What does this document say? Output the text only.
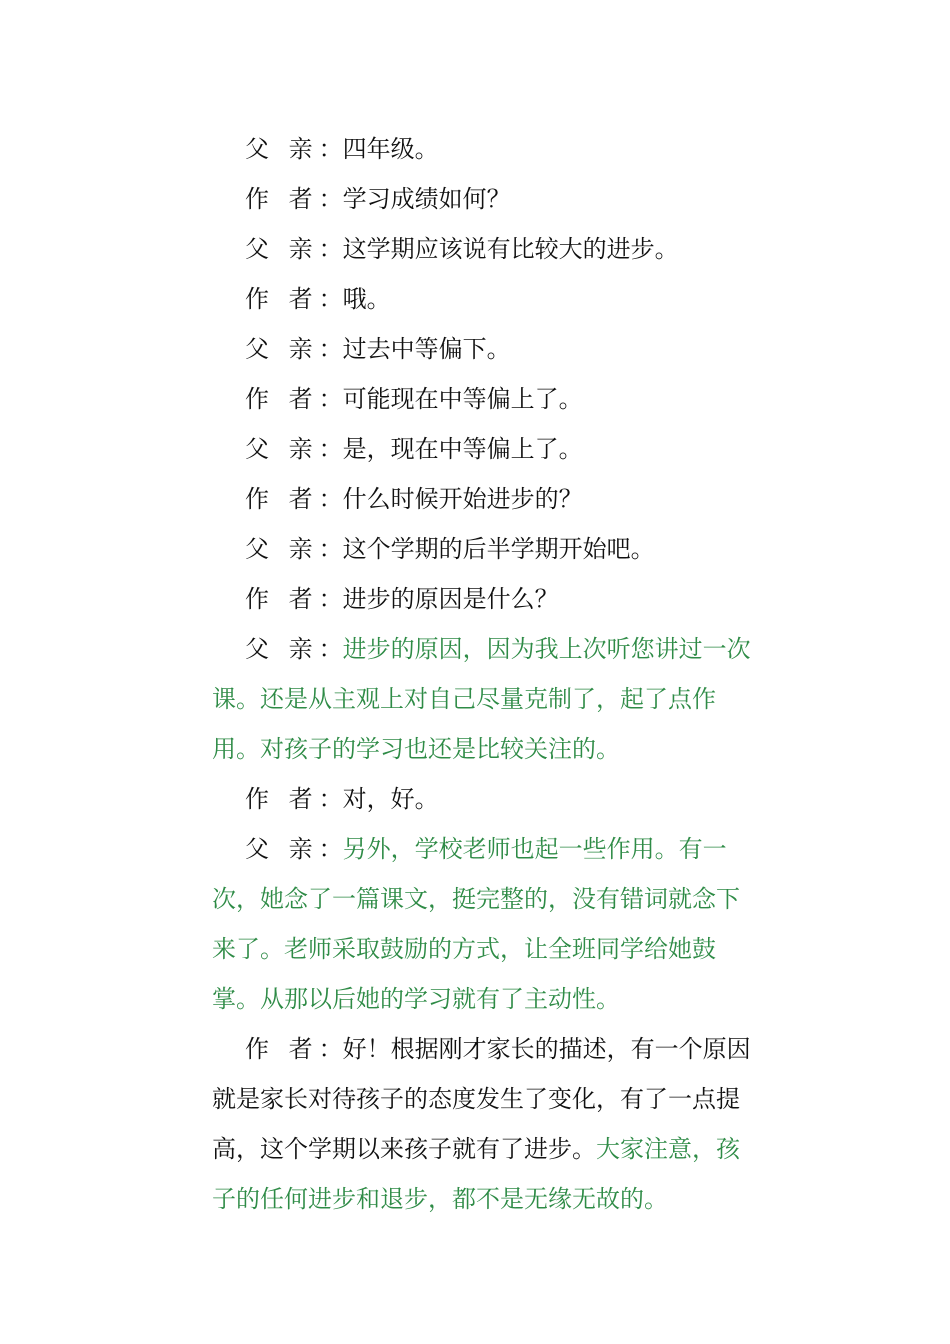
父 亲：四年级。

作 者：学习成绩如何？

父 亲：这学期应该说有比较大的进步。

作 者：哦。

父 亲：过去中等偏下。

作 者：可能现在中等偏上了。

父 亲：是，现在中等偏上了。

作 者：什么时候开始进步的？

父 亲：这个学期的后半学期开始吧。

作 者：进步的原因是什么？

父 亲：进步的原因，因为我上次听您讲过一次课。还是从主观上对自己尽量克制了，起了点作用。对孩子的学习也还是比较关注的。

作 者：对，好。

父 亲：另外，学校老师也起一些作用。有一次，她念了一篇课文，挺完整的，没有错词就念下来了。老师采取鼓励的方式，让全班同学给她鼓掌。从那以后她的学习就有了主动性。

作 者：好！根据刚才家长的描述，有一个原因就是家长对待孩子的态度发生了变化，有了一点提高，这个学期以来孩子就有了进步。大家注意，孩子的任何进步和退步，都不是无缘无故的。
